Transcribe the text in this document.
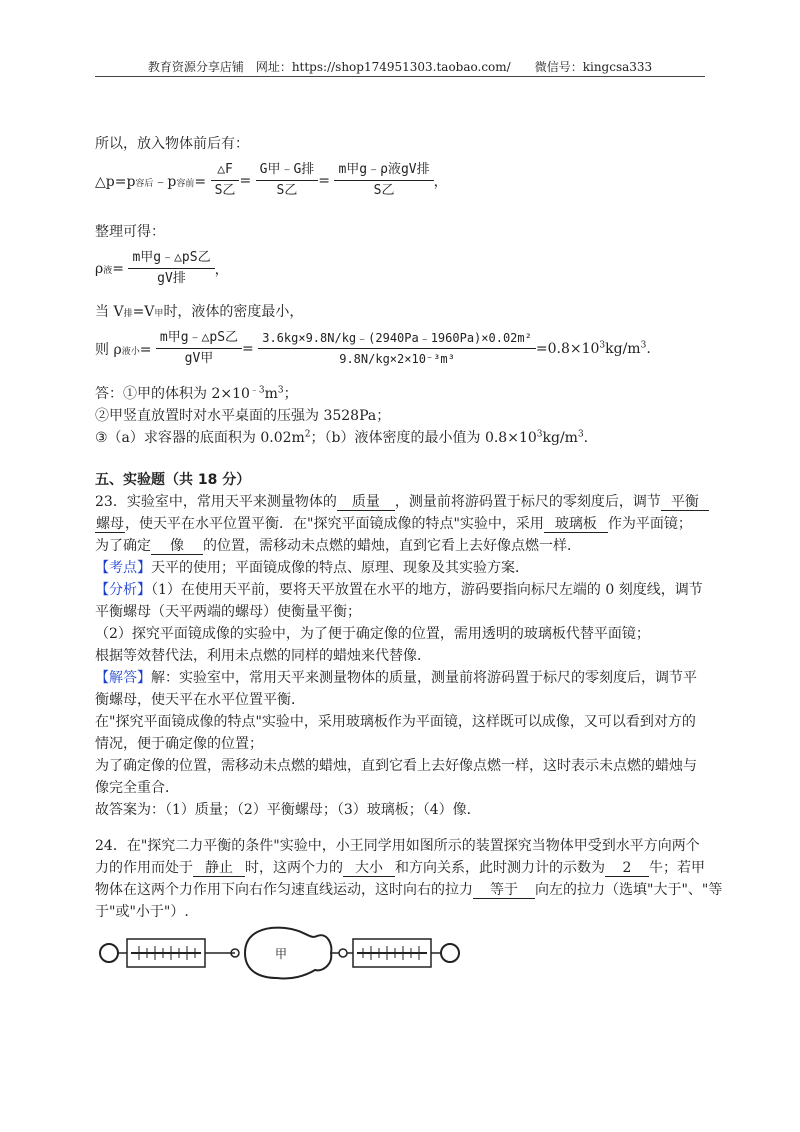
教育资源分享店铺　网址：https://shop174951303.taobao.com/　　微信号：kingcsa333
所以，放入物体前后有：
△p=p容后﹣p容前= $\frac{\triangle F}{\text{S乙}} = \frac{\text{G甲﹣G排}}{\text{S乙}} = \frac{\text{m甲g﹣ρ液gV排}}{\text{S乙}}$ ，
整理可得：
ρ液= $\frac{\text{m甲g﹣△pS乙}}{\text{gV排}}$ ，
当 V排=V甲时，液体的密度最小，
则 ρ液小= $\frac{\text{m甲g﹣△pS乙}}{\text{gV甲}} = \frac{\text{3.6kg×9.8N/kg﹣(2940Pa﹣1960Pa)×0.02m²}}{\text{9.8N/kg×2×10⁻³m³}} =0.8\times 10^3kg/m^3$.
答：①甲的体积为 $2\times 10^{﹣3}m^3$；
②甲竖直放置时对水平桌面的压强为 3528Pa；
③（a）求容器的底面积为 $0.02m^2$；（b）液体密度的最小值为 $0.8\times 10^3kg/m^3$.
五、实验题（共 18 分）
23．实验室中，常用天平来测量物体的 质量 ，测量前将游码置于标尺的零刻度后，调节 平衡
螺母，使天平在水平位置平衡．在"探究平面镜成像的特点"实验中，采用 玻璃板 作为平面镜；
为了确定 像 的位置，需移动未点燃的蜡烛，直到它看上去好像点燃一样．
【考点】天平的使用；平面镜成像的特点、原理、现象及其实验方案．
【分析】（1）在使用天平前，要将天平放置在水平的地方，游码要指向标尺左端的 0 刻度线，调节
平衡螺母（天平两端的螺母）使衡量平衡；
（2）探究平面镜成像的实验中，为了便于确定像的位置，需用透明的玻璃板代替平面镜；
根据等效替代法，利用未点燃的同样的蜡烛来代替像．
【解答】解：实验室中，常用天平来测量物体的质量，测量前将游码置于标尺的零刻度后，调节平
衡螺母，使天平在水平位置平衡．
在"探究平面镜成像的特点"实验中，采用玻璃板作为平面镜，这样既可以成像，又可以看到对方的
情况，便于确定像的位置；
为了确定像的位置，需移动未点燃的蜡烛，直到它看上去好像点燃一样，这时表示未点燃的蜡烛与
像完全重合．
故答案为：（1）质量；（2）平衡螺母；（3）玻璃板；（4）像．
24．在"探究二力平衡的条件"实验中，小王同学用如图所示的装置探究当物体甲受到水平方向两个
力的作用而处于 静止 时，这两个力的 大小 和方向关系，此时测力计的示数为 2 牛；若甲
物体在这两个力作用下向右作匀速直线运动，这时向右的拉力 等于 向左的拉力（选填"大于"、"等
于"或"小于"）.
甲
